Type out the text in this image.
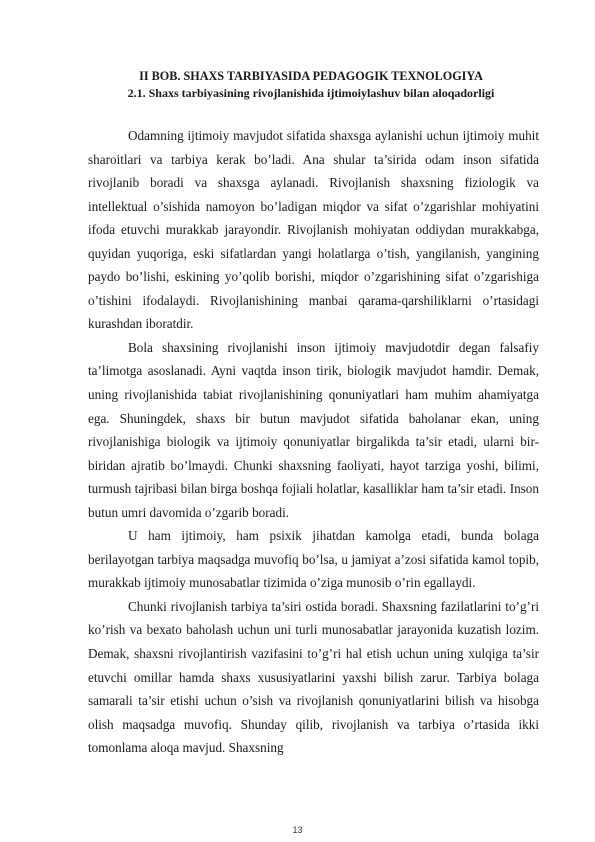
II BOB. SHAXS TARBIYASIDA PEDAGOGIK TEXNOLOGIYA
2.1. Shaxs tarbiyasining rivojlanishida ijtimoiylashuv bilan aloqadorligi

Odamning ijtimoiy mavjudot sifatida shaxsga aylanishi uchun ijtimoiy muhit sharoitlari va tarbiya kerak bo’ladi. Ana shular ta’sirida odam inson sifatida rivojlanib boradi va shaxsga aylanadi. Rivojlanish shaxsning fiziologik va intellektual o’sishida namoyon bo’ladigan miqdor va sifat o’zgarishlar mohiyatini ifoda etuvchi murakkab jarayondir. Rivojlanish mohiyatan oddiydan murakkabga, quyidan yuqoriga, eski sifatlardan yangi holatlarga o’tish, yangilanish, yangining paydo bo’lishi, eskining yo’qolib borishi, miqdor o’zgarishining sifat o’zgarishiga o’tishini ifodalaydi. Rivojlanishining manbai qarama-qarshiliklarni o’rtasidagi kurashdan iboratdir.

Bola shaxsining rivojlanishi inson ijtimoiy mavjudotdir degan falsafiy ta’limotga asoslanadi. Ayni vaqtda inson tirik, biologik mavjudot hamdir. Demak, uning rivojlanishida tabiat rivojlanishining qonuniyatlari ham muhim ahamiyatga ega. Shuningdek, shaxs bir butun mavjudot sifatida baholanar ekan, uning rivojlanishiga biologik va ijtimoiy qonuniyatlar birgalikda ta’sir etadi, ularni bir-biridan ajratib bo’lmaydi. Chunki shaxsning faoliyati, hayot tarziga yoshi, bilimi, turmush tajribasi bilan birga boshqa fojiali holatlar, kasalliklar ham ta’sir etadi. Inson butun umri davomida o’zgarib boradi.

U ham ijtimoiy, ham psixik jihatdan kamolga etadi, bunda bolaga berilayotgan tarbiya maqsadga muvofiq bo’lsa, u jamiyat a’zosi sifatida kamol topib, murakkab ijtimoiy munosabatlar tizimida o’ziga munosib o’rin egallaydi.

Chunki rivojlanish tarbiya ta’siri ostida boradi. Shaxsning fazilatlarini to’g’ri ko’rish va bexato baholash uchun uni turli munosabatlar jarayonida kuzatish lozim. Demak, shaxsni rivojlantirish vazifasini to’g’ri hal etish uchun uning xulqiga ta’sir etuvchi omillar hamda shaxs xususiyatlarini yaxshi bilish zarur. Tarbiya bolaga samarali ta’sir etishi uchun o’sish va rivojlanish qonuniyatlarini bilish va hisobga olish maqsadga muvofiq. Shunday qilib, rivojlanish va tarbiya o’rtasida ikki tomonlama aloqa mavjud. Shaxsning

13
